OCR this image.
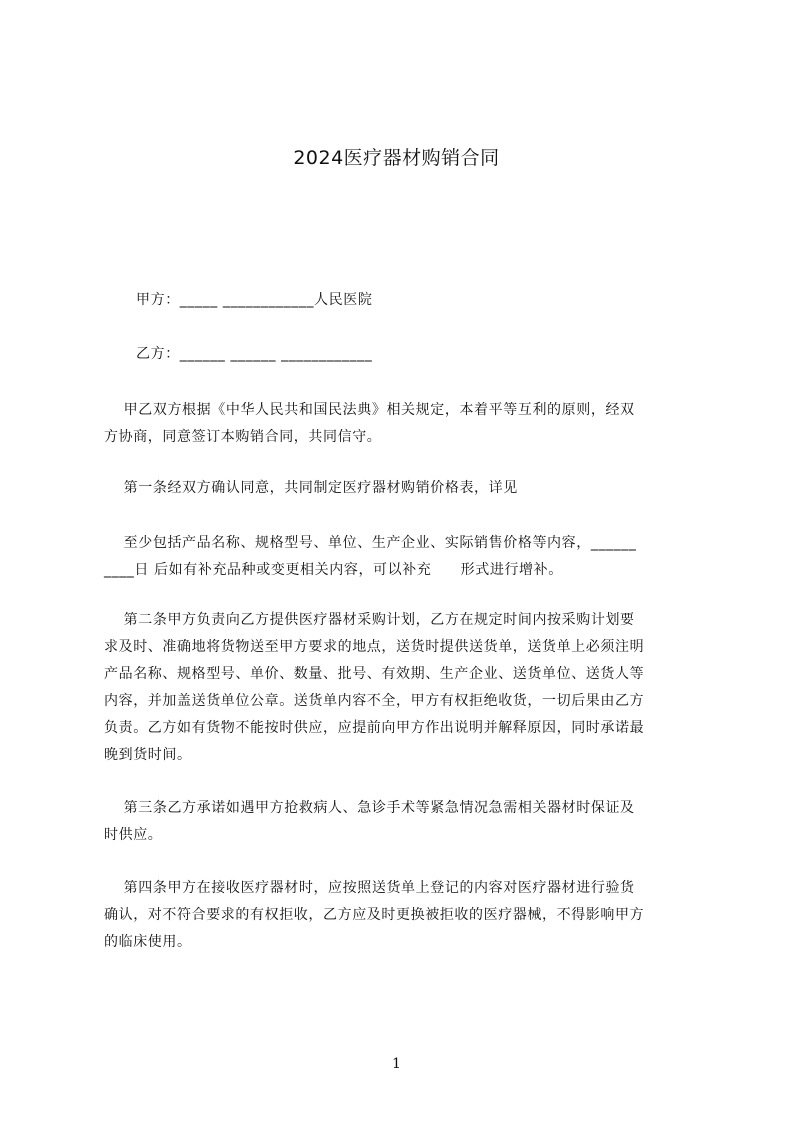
2024医疗器材购销合同
甲方：_____ ____________人民医院
乙方：______ ______ ____________
　 甲乙双方根据《中华人民共和国民法典》相关规定，本着平等互利的原则，经双
方协商，同意签订本购销合同，共同信守。
　 第一条经双方确认同意，共同制定医疗器材购销价格表，详见
　 至少包括产品名称、规格型号、单位、生产企业、实际销售价格等内容，______
____日 后如有补充品种或变更相关内容，可以补充　　形式进行增补。
　 第二条甲方负责向乙方提供医疗器材采购计划，乙方在规定时间内按采购计划要
求及时、准确地将货物送至甲方要求的地点，送货时提供送货单，送货单上必须注明
产品名称、规格型号、单价、数量、批号、有效期、生产企业、送货单位、送货人等
内容，并加盖送货单位公章。送货单内容不全，甲方有权拒绝收货，一切后果由乙方
负责。乙方如有货物不能按时供应，应提前向甲方作出说明并解释原因，同时承诺最
晚到货时间。
　 第三条乙方承诺如遇甲方抢救病人、急诊手术等紧急情况急需相关器材时保证及
时供应。
　 第四条甲方在接收医疗器材时，应按照送货单上登记的内容对医疗器材进行验货
确认，对不符合要求的有权拒收，乙方应及时更换被拒收的医疗器械，不得影响甲方
的临床使用。
1
